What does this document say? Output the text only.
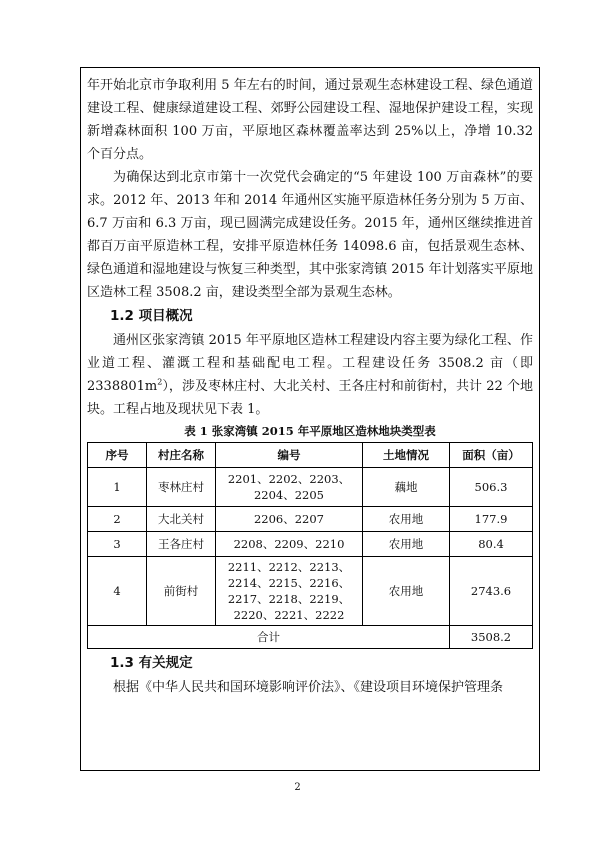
年开始北京市争取利用 5 年左右的时间，通过景观生态林建设工程、绿色通道建设工程、健康绿道建设工程、郊野公园建设工程、湿地保护建设工程，实现新增森林面积 100 万亩，平原地区森林覆盖率达到 25%以上，净增 10.32 个百分点。

为确保达到北京市第十一次党代会确定的“5 年建设 100 万亩森林”的要求。2012 年、2013 年和 2014 年通州区实施平原造林任务分别为 5 万亩、6.7 万亩和 6.3 万亩，现已圆满完成建设任务。2015 年，通州区继续推进首都百万亩平原造林工程，安排平原造林任务 14098.6 亩，包括景观生态林、绿色通道和湿地建设与恢复三种类型，其中张家湾镇 2015 年计划落实平原地区造林工程 3508.2 亩，建设类型全部为景观生态林。

1.2 项目概况

通州区张家湾镇 2015 年平原地区造林工程建设内容主要为绿化工程、作业道工程、灌溉工程和基础配电工程。工程建设任务 3508.2 亩（即 $2338801m^2$），涉及枣林庄村、大北关村、王各庄村和前街村，共计 22 个地块。工程占地及现状见下表 1。

表 1 张家湾镇 2015 年平原地区造林地块类型表
序号	村庄名称	编号	土地情况	面积（亩）
1	枣林庄村	2201、2202、2203、2204、2205	藕地	506.3
2	大北关村	2206、2207	农用地	177.9
3	王各庄村	2208、2209、2210	农用地	80.4
4	前街村	2211、2212、2213、2214、2215、2216、2217、2218、2219、2220、2221、2222	农用地	2743.6
合计				3508.2
1.3 有关规定

根据《中华人民共和国环境影响评价法》、《建设项目环境保护管理条

2
